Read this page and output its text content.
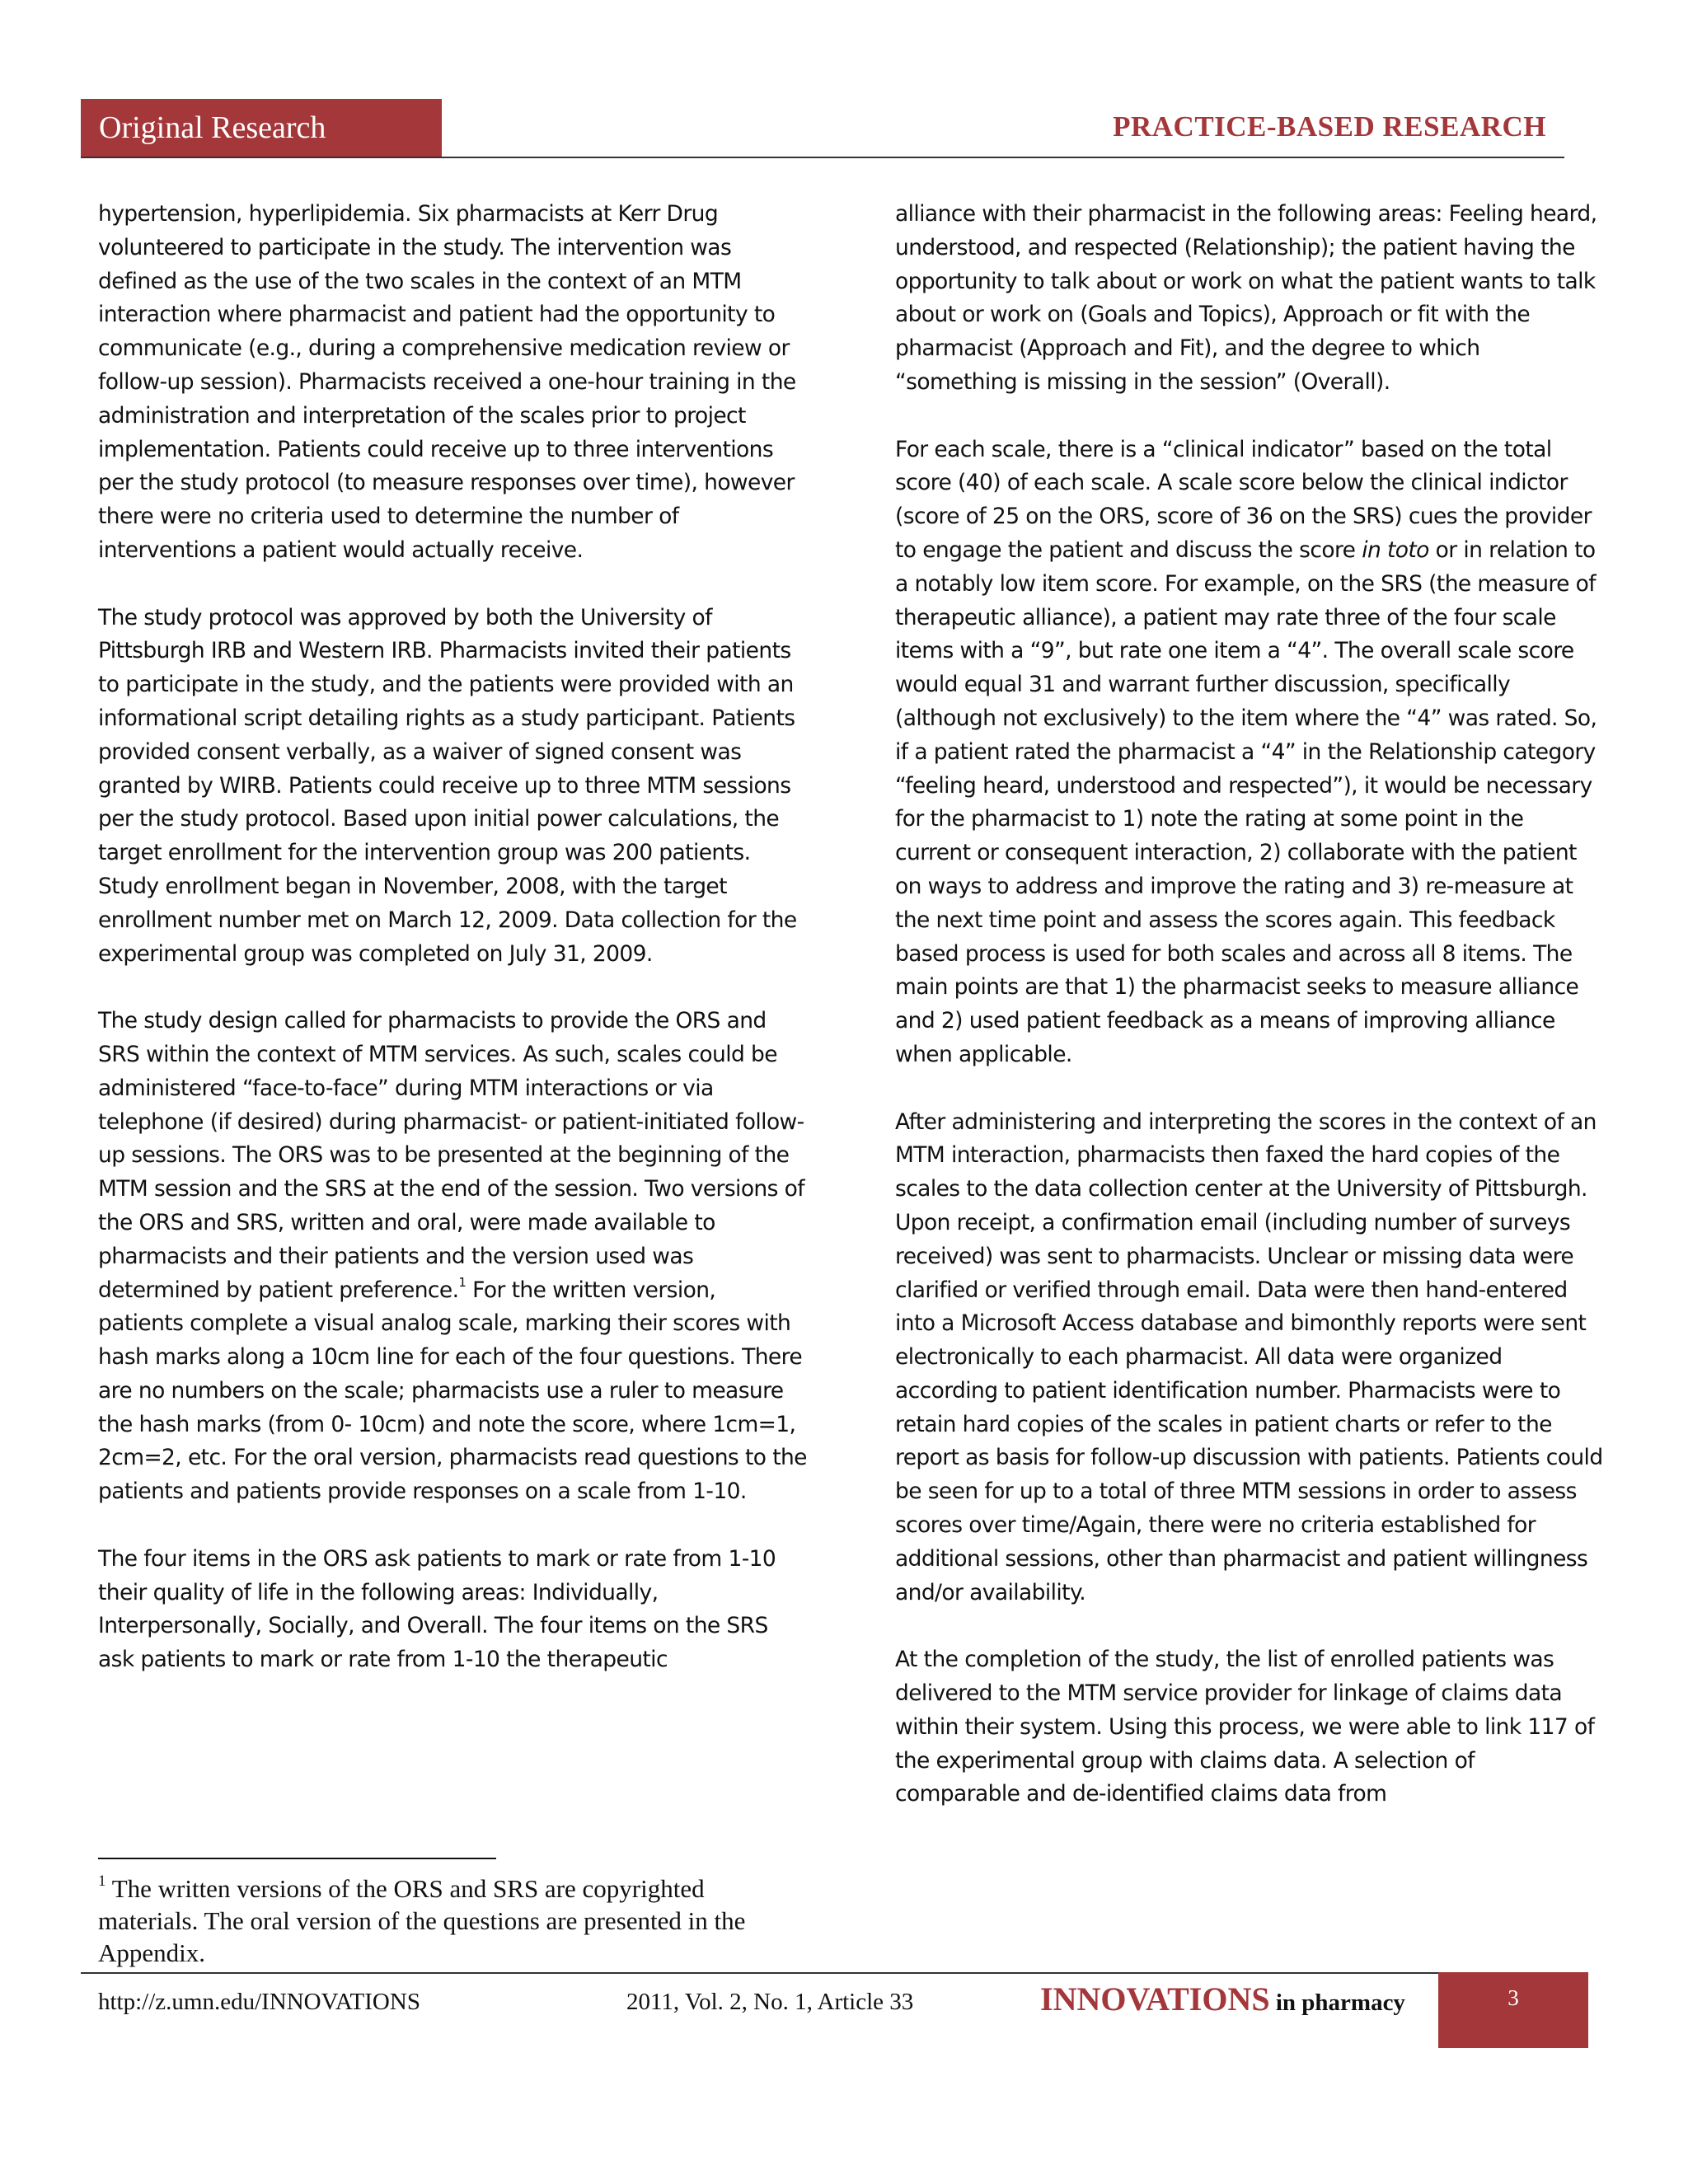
Original Research	PRACTICE-BASED RESEARCH

hypertension, hyperlipidemia. Six pharmacists at Kerr Drug volunteered to participate in the study. The intervention was defined as the use of the two scales in the context of an MTM interaction where pharmacist and patient had the opportunity to communicate (e.g., during a comprehensive medication review or follow-up session). Pharmacists received a one-hour training in the administration and interpretation of the scales prior to project implementation. Patients could receive up to three interventions per the study protocol (to measure responses over time), however there were no criteria used to determine the number of interventions a patient would actually receive.

The study protocol was approved by both the University of Pittsburgh IRB and Western IRB. Pharmacists invited their patients to participate in the study, and the patients were provided with an informational script detailing rights as a study participant. Patients provided consent verbally, as a waiver of signed consent was granted by WIRB. Patients could receive up to three MTM sessions per the study protocol. Based upon initial power calculations, the target enrollment for the intervention group was 200 patients. Study enrollment began in November, 2008, with the target enrollment number met on March 12, 2009. Data collection for the experimental group was completed on July 31, 2009.

The study design called for pharmacists to provide the ORS and SRS within the context of MTM services. As such, scales could be administered “face-to-face” during MTM interactions or via telephone (if desired) during pharmacist- or patient-initiated follow-up sessions. The ORS was to be presented at the beginning of the MTM session and the SRS at the end of the session. Two versions of the ORS and SRS, written and oral, were made available to pharmacists and their patients and the version used was determined by patient preference.$^1$ For the written version, patients complete a visual analog scale, marking their scores with hash marks along a 10cm line for each of the four questions. There are no numbers on the scale; pharmacists use a ruler to measure the hash marks (from 0- 10cm) and note the score, where 1cm=1, 2cm=2, etc. For the oral version, pharmacists read questions to the patients and patients provide responses on a scale from 1-10.

The four items in the ORS ask patients to mark or rate from 1-10 their quality of life in the following areas: Individually, Interpersonally, Socially, and Overall. The four items on the SRS ask patients to mark or rate from 1-10 the therapeutic

$^1$ The written versions of the ORS and SRS are copyrighted materials. The oral version of the questions are presented in the Appendix.

alliance with their pharmacist in the following areas: Feeling heard, understood, and respected (Relationship); the patient having the opportunity to talk about or work on what the patient wants to talk about or work on (Goals and Topics), Approach or fit with the pharmacist (Approach and Fit), and the degree to which “something is missing in the session” (Overall).

For each scale, there is a “clinical indicator” based on the total score (40) of each scale. A scale score below the clinical indictor (score of 25 on the ORS, score of 36 on the SRS) cues the provider to engage the patient and discuss the score in toto or in relation to a notably low item score. For example, on the SRS (the measure of therapeutic alliance), a patient may rate three of the four scale items with a “9”, but rate one item a “4”. The overall scale score would equal 31 and warrant further discussion, specifically (although not exclusively) to the item where the “4” was rated. So, if a patient rated the pharmacist a “4” in the Relationship category “feeling heard, understood and respected”), it would be necessary for the pharmacist to 1) note the rating at some point in the current or consequent interaction, 2) collaborate with the patient on ways to address and improve the rating and 3) re-measure at the next time point and assess the scores again. This feedback based process is used for both scales and across all 8 items. The main points are that 1) the pharmacist seeks to measure alliance and 2) used patient feedback as a means of improving alliance when applicable.

After administering and interpreting the scores in the context of an MTM interaction, pharmacists then faxed the hard copies of the scales to the data collection center at the University of Pittsburgh. Upon receipt, a confirmation email (including number of surveys received) was sent to pharmacists. Unclear or missing data were clarified or verified through email. Data were then hand-entered into a Microsoft Access database and bimonthly reports were sent electronically to each pharmacist. All data were organized according to patient identification number. Pharmacists were to retain hard copies of the scales in patient charts or refer to the report as basis for follow-up discussion with patients. Patients could be seen for up to a total of three MTM sessions in order to assess scores over time/Again, there were no criteria established for additional sessions, other than pharmacist and patient willingness and/or availability.

At the completion of the study, the list of enrolled patients was delivered to the MTM service provider for linkage of claims data within their system. Using this process, we were able to link 117 of the experimental group with claims data. A selection of comparable and de-identified claims data from

http://z.umn.edu/INNOVATIONS	2011, Vol. 2, No. 1, Article 33	INNOVATIONS in pharmacy	3
